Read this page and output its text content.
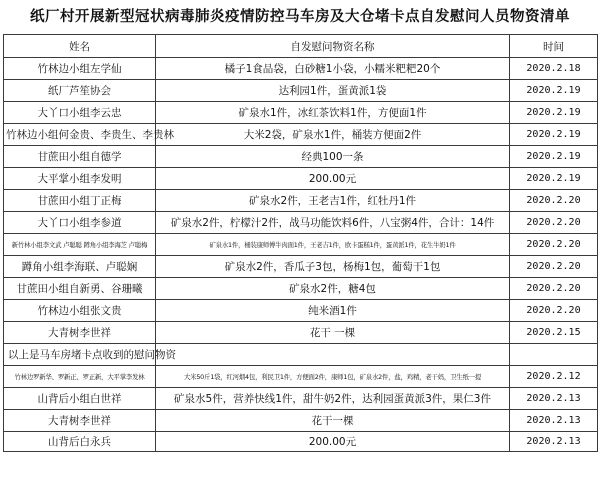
纸厂村开展新型冠状病毒肺炎疫情防控马车房及大仓堵卡点自发慰问人员物资清单
姓名	自发慰问物资名称	时间
竹林边小组左学仙	橘子1食品袋，白砂糖1小袋，小糯米粑粑20个	2020.2.18
纸厂芦笙协会	达利园1件，蛋黄派1袋	2020.2.19
大丫口小组李云忠	矿泉水1件，冰红茶饮料1件，方便面1件	2020.2.19
竹林边小组何金贵、李贵生、李贵林	大米2袋，矿泉水1件，桶装方便面2件	2020.2.19
甘蔗田小组自德学	经典100一条	2020.2.19
大平掌小组李发明	200.00元	2020.2.19
甘蔗田小组丁正梅	矿泉水2件，王老吉1件，红牡丹1件	2020.2.20
大丫口小组李参道	矿泉水2件，柠檬汁2件，战马功能饮料6件，八宝粥4件，合计：14件	2020.2.20
新竹林小组李文武 卢聪聪 蹲角小组李海芝 卢聪梅	矿泉水1件，桶装康师傅牛肉面1件，王老吉1件，欧卡蛋糕1件，蛋黄派1件，花生牛奶1件	2020.2.20
蹲角小组李海联、卢聪娴	矿泉水2件，香瓜子3包，杨梅1包，葡萄干1包	2020.2.20
甘蔗田小组自新勇、谷珊曦	矿泉水2件，糖4包	2020.2.20
竹林边小组张文贵	纯米酒1件	2020.2.20
大青树李世祥	花干 一棵	2020.2.15
以上是马车房堵卡点收到的慰问物资		
竹林边罗新华、罗新正、罗正新，大平掌李发林	大米50斤1袋，红河烟4包，利民卫1件，方便面2件，康师1包，矿泉水2件，盐，鸡精，老干妈，卫生纸一提	2020.2.12
山背后小组白世祥	矿泉水5件，营养快线1件，甜牛奶2件，达利园蛋黄派3件，果仁3件	2020.2.13
大青树李世祥	花干一棵	2020.2.13
山背后白永兵	200.00元	2020.2.13
